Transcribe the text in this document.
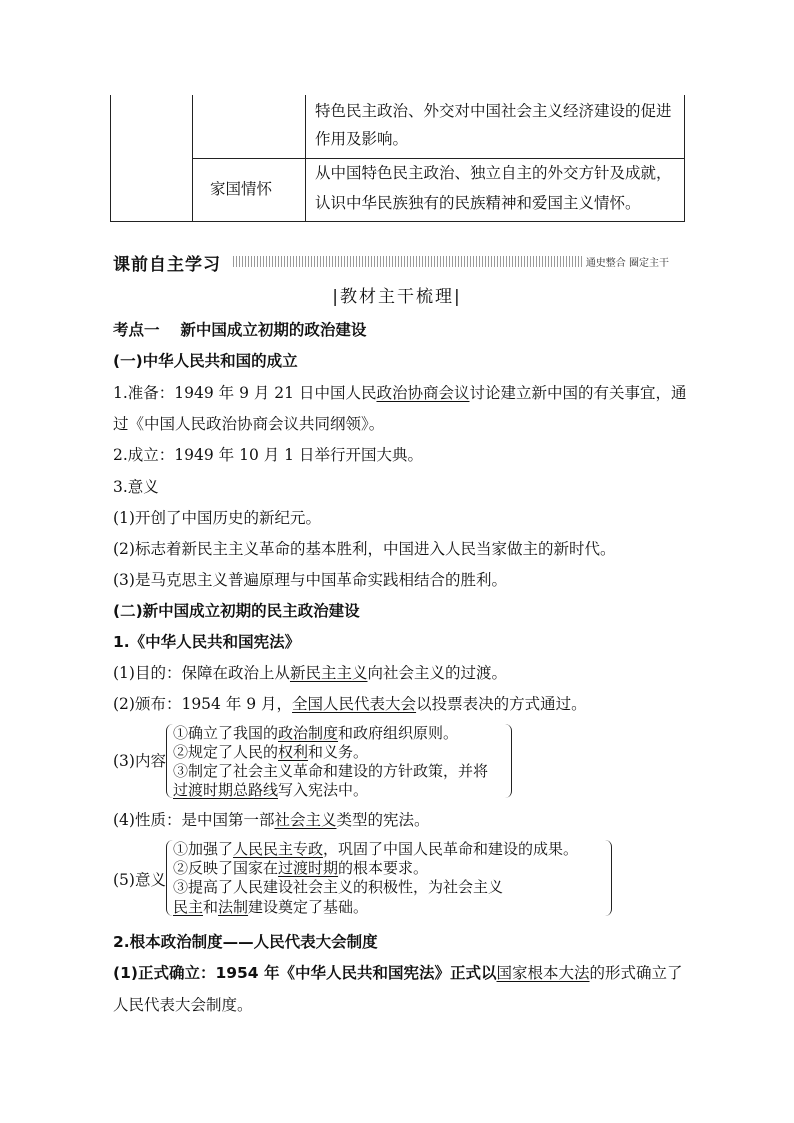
特色民主政治、外交对中国社会主义经济建设的促进
作用及影响。
家国情怀
从中国特色民主政治、独立自主的外交方针及成就，
认识中华民族独有的民族精神和爱国主义情怀。
课前自主学习	通史整合 圈定主干
|教材主干梳理|
考点一　 新中国成立初期的政治建设
(一)中华人民共和国的成立
1.准备：1949 年 9 月 21 日中国人民政治协商会议讨论建立新中国的有关事宜，通
过《中国人民政治协商会议共同纲领》。
2.成立：1949 年 10 月 1 日举行开国大典。
3.意义
(1)开创了中国历史的新纪元。
(2)标志着新民主主义革命的基本胜利，中国进入人民当家做主的新时代。
(3)是马克思主义普遍原理与中国革命实践相结合的胜利。
(二)新中国成立初期的民主政治建设
1.《中华人民共和国宪法》
(1)目的：保障在政治上从新民主主义向社会主义的过渡。
(2)颁布：1954 年 9 月，全国人民代表大会以投票表决的方式通过。
(3)内容
①确立了我国的政治制度和政府组织原则。
②规定了人民的权利和义务。
③制定了社会主义革命和建设的方针政策，并将
过渡时期总路线写入宪法中。
(4)性质：是中国第一部社会主义类型的宪法。
(5)意义
①加强了人民民主专政，巩固了中国人民革命和建设的成果。
②反映了国家在过渡时期的根本要求。
③提高了人民建设社会主义的积极性，为社会主义
民主和法制建设奠定了基础。
2.根本政治制度——人民代表大会制度
(1)正式确立：1954 年《中华人民共和国宪法》正式以国家根本大法的形式确立了
人民代表大会制度。
